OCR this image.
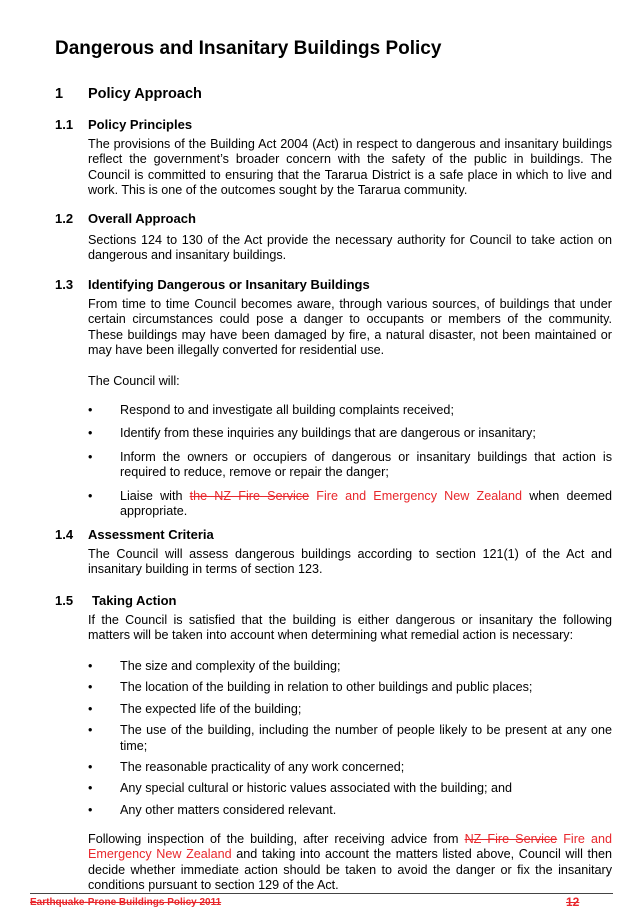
Dangerous and Insanitary Buildings Policy
1 Policy Approach
1.1 Policy Principles

The provisions of the Building Act 2004 (Act) in respect to dangerous and insanitary buildings reflect the government’s broader concern with the safety of the public in buildings. The Council is committed to ensuring that the Tararua District is a safe place in which to live and work. This is one of the outcomes sought by the Tararua community.

1.2 Overall Approach

Sections 124 to 130 of the Act provide the necessary authority for Council to take action on dangerous and insanitary buildings.

1.3 Identifying Dangerous or Insanitary Buildings

From time to time Council becomes aware, through various sources, of buildings that under certain circumstances could pose a danger to occupants or members of the community. These buildings may have been damaged by fire, a natural disaster, not been maintained or may have been illegally converted for residential use.

The Council will:

• Respond to and investigate all building complaints received;
• Identify from these inquiries any buildings that are dangerous or insanitary;
• Inform the owners or occupiers of dangerous or insanitary buildings that action is required to reduce, remove or repair the danger;
• Liaise with the NZ Fire Service Fire and Emergency New Zealand when deemed appropriate.
1.4 Assessment Criteria

The Council will assess dangerous buildings according to section 121(1) of the Act and insanitary building in terms of section 123.

1.5 Taking Action

If the Council is satisfied that the building is either dangerous or insanitary the following matters will be taken into account when determining what remedial action is necessary:

• The size and complexity of the building;
• The location of the building in relation to other buildings and public places;
• The expected life of the building;
• The use of the building, including the number of people likely to be present at any one time;
• The reasonable practicality of any work concerned;
• Any special cultural or historic values associated with the building; and
• Any other matters considered relevant.

Following inspection of the building, after receiving advice from NZ Fire Service Fire and Emergency New Zealand and taking into account the matters listed above, Council will then decide whether immediate action should be taken to avoid the danger or fix the insanitary conditions pursuant to section 129 of the Act.

Earthquake-Prone Buildings Policy 2011	12
